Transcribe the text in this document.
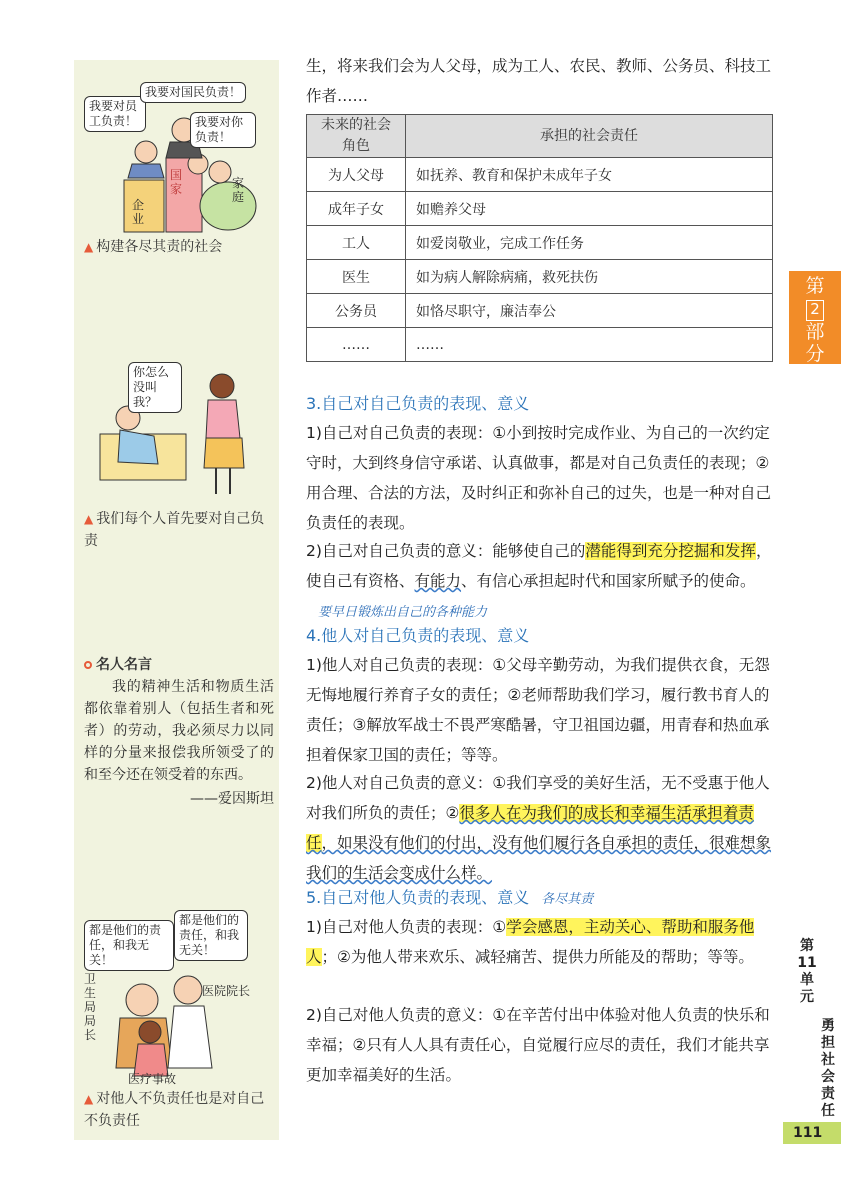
我要对员工负责！
我要对国民负责！
我要对你负责！
企业
国家	家庭
▲ 构建各尽其责的社会
你怎么没叫我？
▲ 我们每个人首先要对自己负责
名人名言
我的精神生活和物质生活都依靠着别人（包括生者和死者）的劳动，我必须尽力以同样的分量来报偿我所领受了的和至今还在领受着的东西。
——爱因斯坦
都是他们的责任，和我无关！
都是他们的责任，和我无关！
卫生局局长
医院院长
医疗事故
▲ 对他人不负责任也是对自己不负责任
生，将来我们会为人父母，成为工人、农民、教师、公务员、科技工作者……
未来的社会角色	承担的社会责任
为人父母	如抚养、教育和保护未成年子女
成年子女	如赡养父母
工人	如爱岗敬业，完成工作任务
医生	如为病人解除病痛，救死扶伤
公务员	如恪尽职守，廉洁奉公
……	……
3.自己对自己负责的表现、意义
1)自己对自己负责的表现：①小到按时完成作业、为自己的一次约定守时，大到终身信守承诺、认真做事，都是对自己负责任的表现；②用合理、合法的方法，及时纠正和弥补自己的过失，也是一种对自己负责任的表现。
2)自己对自己负责的意义：能够使自己的潜能得到充分挖掘和发挥，使自己有资格、有能力、有信心承担起时代和国家所赋予的使命。要早日锻炼出自己的各种能力
4.他人对自己负责的表现、意义
1)他人对自己负责的表现：①父母辛勤劳动，为我们提供衣食，无怨无悔地履行养育子女的责任；②老师帮助我们学习，履行教书育人的责任；③解放军战士不畏严寒酷暑，守卫祖国边疆，用青春和热血承担着保家卫国的责任；等等。
2)他人对自己负责的意义：①我们享受的美好生活，无不受惠于他人对我们所负的责任；②很多人在为我们的成长和幸福生活承担着责任，如果没有他们的付出，没有他们履行各自承担的责任，很难想象我们的生活会变成什么样。
5.自己对他人负责的表现、意义 各尽其责
1)自己对他人负责的表现：①学会感恩，主动关心、帮助和服务他人；②为他人带来欢乐、减轻痛苦、提供力所能及的帮助；等等。
2)自己对他人负责的意义：①在辛苦付出中体验对他人负责的快乐和幸福；②只有人人具有责任心，自觉履行应尽的责任，我们才能共享更加幸福美好的生活。
第
2
部分
第11单元
勇担社会责任
111
